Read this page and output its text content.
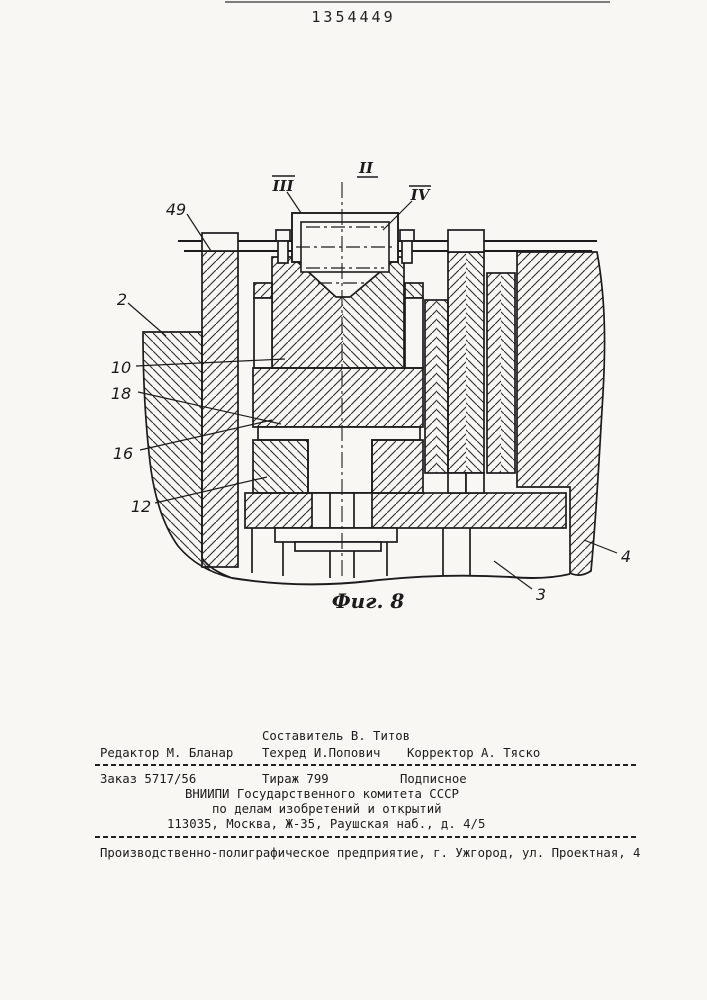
1354449
49
2
10
18
16
12
4
3
II
III	IV
Фиг. 8
Составитель В. Титов
Редактор М. Бланар Техред И.Попович Корректор А. Тяско
Заказ 5717/56	Тираж 799	Подписное
ВНИИПИ Государственного комитета СССР
по делам изобретений и открытий
113035, Москва, Ж-35, Раушская наб., д. 4/5
Производственно-полиграфическое предприятие, г. Ужгород, ул. Проектная, 4
